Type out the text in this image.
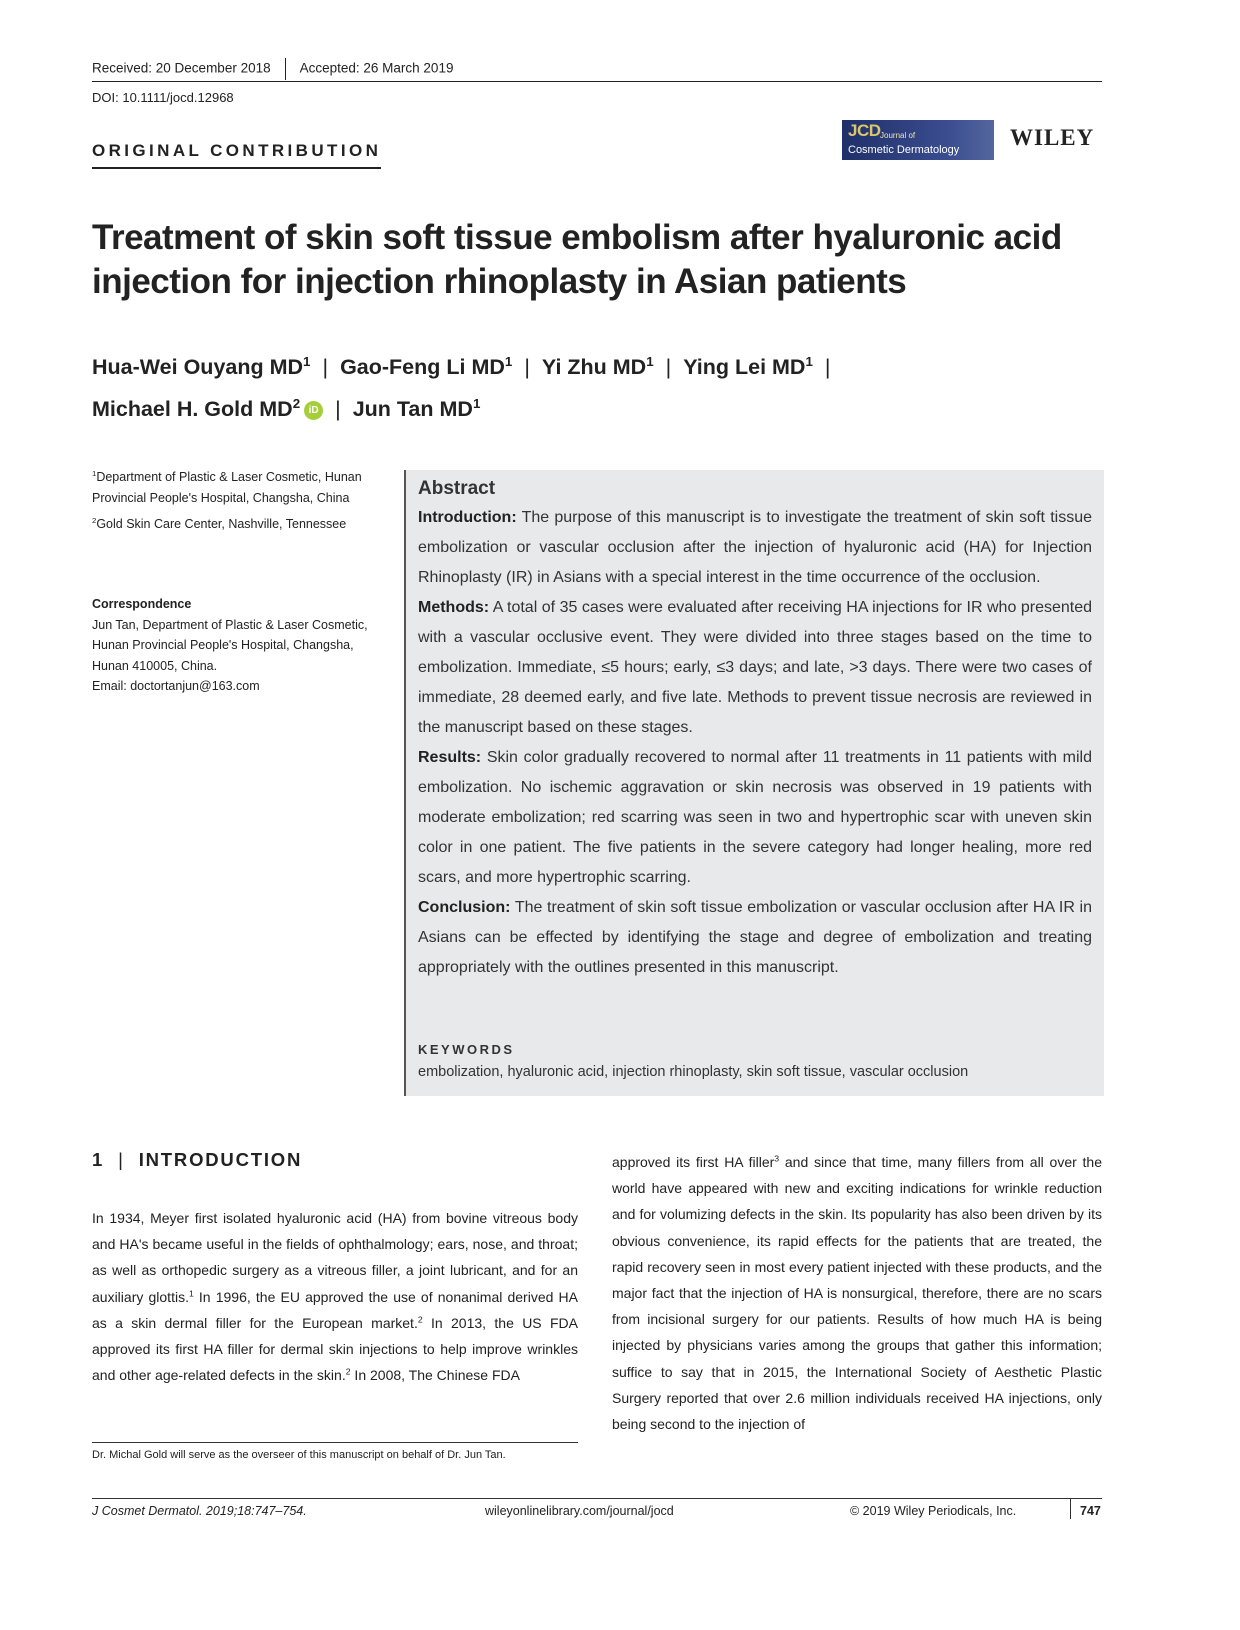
Received: 20 December 2018 Accepted: 26 March 2019
DOI: 10.1111/jocd.12968
ORIGINAL CONTRIBUTION
JCD Journal of
Cosmetic Dermatology WILEY
Treatment of skin soft tissue embolism after hyaluronic acid injection for injection rhinoplasty in Asian patients
Hua-Wei Ouyang $MD^1$ | Gao-Feng Li $MD^1$ | Yi Zhu $MD^1$ | Ying Lei $MD^1$ |
Michael H. Gold $MD^2$ iD | Jun Tan $MD^1$

$^1$Department of Plastic & Laser Cosmetic, Hunan Provincial People's Hospital, Changsha, China

$^2$Gold Skin Care Center, Nashville, Tennessee

Correspondence
Jun Tan, Department of Plastic & Laser Cosmetic, Hunan Provincial People's Hospital, Changsha, Hunan 410005, China.
Email: doctortanjun@163.com
Abstract

Introduction: The purpose of this manuscript is to investigate the treatment of skin soft tissue embolization or vascular occlusion after the injection of hyaluronic acid (HA) for Injection Rhinoplasty (IR) in Asians with a special interest in the time occurrence of the occlusion.

Methods: A total of 35 cases were evaluated after receiving HA injections for IR who presented with a vascular occlusive event. They were divided into three stages based on the time to embolization. Immediate, ≤5 hours; early, ≤3 days; and late, >3 days. There were two cases of immediate, 28 deemed early, and five late. Methods to prevent tissue necrosis are reviewed in the manuscript based on these stages.

Results: Skin color gradually recovered to normal after 11 treatments in 11 patients with mild embolization. No ischemic aggravation or skin necrosis was observed in 19 patients with moderate embolization; red scarring was seen in two and hypertrophic scar with uneven skin color in one patient. The five patients in the severe category had longer healing, more red scars, and more hypertrophic scarring.

Conclusion: The treatment of skin soft tissue embolization or vascular occlusion after HA IR in Asians can be effected by identifying the stage and degree of embolization and treating appropriately with the outlines presented in this manuscript.

KEYWORDS
embolization, hyaluronic acid, injection rhinoplasty, skin soft tissue, vascular occlusion
1 | INTRODUCTION
In 1934, Meyer first isolated hyaluronic acid (HA) from bovine vitreous body and HA's became useful in the fields of ophthalmology; ears, nose, and throat; as well as orthopedic surgery as a vitreous filler, a joint lubricant, and for an auxiliary glottis.$^1$ In 1996, the EU approved the use of nonanimal derived HA as a skin dermal filler for the European market.$^2$ In 2013, the US FDA approved its first HA filler for dermal skin injections to help improve wrinkles and other age-related defects in the skin.$^2$ In 2008, The Chinese FDA
approved its first HA filler$^3$ and since that time, many fillers from all over the world have appeared with new and exciting indications for wrinkle reduction and for volumizing defects in the skin. Its popularity has also been driven by its obvious convenience, its rapid effects for the patients that are treated, the rapid recovery seen in most every patient injected with these products, and the major fact that the injection of HA is nonsurgical, therefore, there are no scars from incisional surgery for our patients. Results of how much HA is being injected by physicians varies among the groups that gather this information; suffice to say that in 2015, the International Society of Aesthetic Plastic Surgery reported that over 2.6 million individuals received HA injections, only being second to the injection of
Dr. Michal Gold will serve as the overseer of this manuscript on behalf of Dr. Jun Tan.
J Cosmet Dermatol. 2019;18:747–754.	wileyonlinelibrary.com/journal/jocd	© 2019 Wiley Periodicals, Inc.	747
